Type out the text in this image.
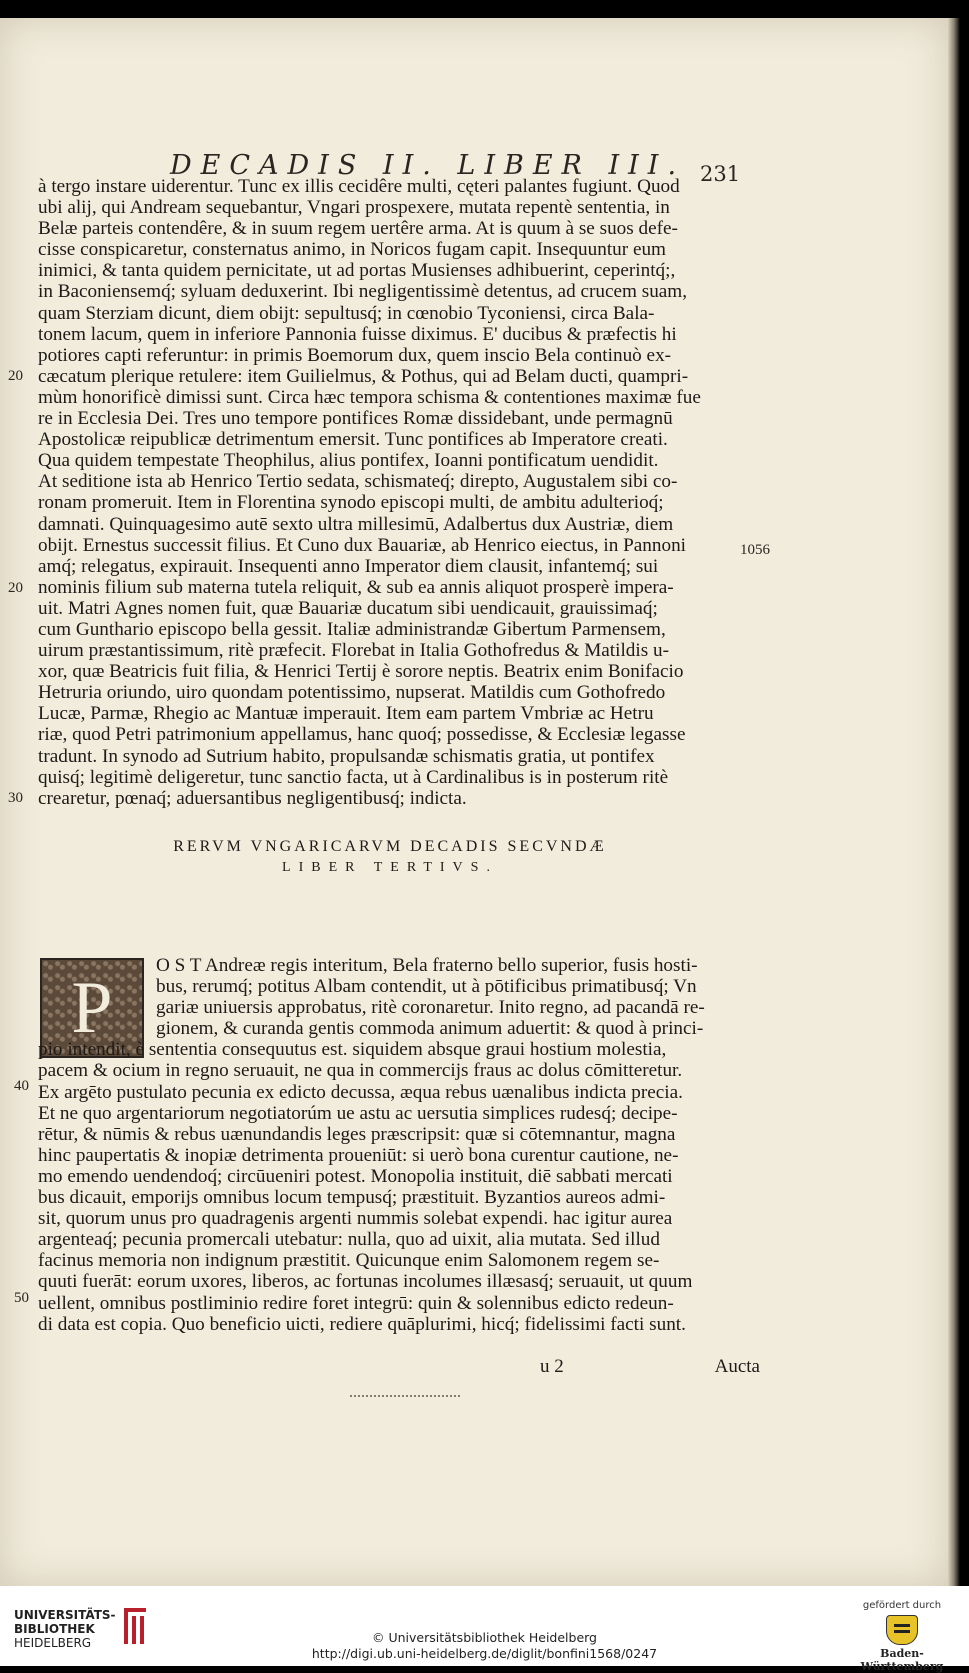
DECADIS II. LIBER III. 231
20
1056
20
30
40
50
à tergo instare uiderentur. Tunc ex illis cecidêre multi, cęteri palantes fugiunt. Quod
ubi alij, qui Andream sequebantur, Vngari prospexere, mutata repentè sententia, in
Belæ parteis contendêre, & in suum regem uertêre arma. At is quum à se suos defe-
cisse conspicaretur, consternatus animo, in Noricos fugam capit. Insequuntur eum
inimici, & tanta quidem pernicitate, ut ad portas Musienses adhibuerint, ceperintq́;,
in Baconiensemq́; syluam deduxerint. Ibi negligentissimè detentus, ad crucem suam,
quam Sterziam dicunt, diem obijt: sepultusq́; in cœnobio Tyconiensi, circa Bala-
tonem lacum, quem in inferiore Pannonia fuisse diximus. E' ducibus & præfectis hi
potiores capti referuntur: in primis Boemorum dux, quem inscio Bela continuò ex-
cæcatum plerique retulere: item Guilielmus, & Pothus, qui ad Belam ducti, quampri-
mùm honorificè dimissi sunt. Circa hæc tempora schisma & contentiones maximæ fue
re in Ecclesia Dei. Tres uno tempore pontifices Romæ dissidebant, unde permagnū
Apostolicæ reipublicæ detrimentum emersit. Tunc pontifices ab Imperatore creati.
Qua quidem tempestate Theophilus, alius pontifex, Ioanni pontificatum uendidit.
At seditione ista ab Henrico Tertio sedata, schismateq́; direpto, Augustalem sibi co-
ronam promeruit. Item in Florentina synodo episcopi multi, de ambitu adulterioq́;
damnati. Quinquagesimo autē sexto ultra millesimū, Adalbertus dux Austriæ, diem
obijt. Ernestus successit filius. Et Cuno dux Bauariæ, ab Henrico eiectus, in Pannoni
amq́; relegatus, expirauit. Insequenti anno Imperator diem clausit, infantemq́; sui
nominis filium sub materna tutela reliquit, & sub ea annis aliquot prosperè impera-
uit. Matri Agnes nomen fuit, quæ Bauariæ ducatum sibi uendicauit, grauissimaq́;
cum Gunthario episcopo bella gessit. Italiæ administrandæ Gibertum Parmensem,
uirum præstantissimum, ritè præfecit. Florebat in Italia Gothofredus & Matildis u-
xor, quæ Beatricis fuit filia, & Henrici Tertij è sorore neptis. Beatrix enim Bonifacio
Hetruria oriundo, uiro quondam potentissimo, nupserat. Matildis cum Gothofredo
Lucæ, Parmæ, Rhegio ac Mantuæ imperauit. Item eam partem Vmbriæ ac Hetru
riæ, quod Petri patrimonium appellamus, hanc quoq́; possedisse, & Ecclesiæ legasse
tradunt. In synodo ad Sutrium habito, propulsandæ schismatis gratia, ut pontifex
quisq́; legitimè deligeretur, tunc sanctio facta, ut à Cardinalibus is in posterum ritè
crearetur, pœnaq́; aduersantibus negligentibusq́; indicta.
RERVM VNGARICARVM DECADIS SECVNDÆ
LIBER TERTIVS.
P
O S T Andreæ regis interitum, Bela fraterno bello superior, fusis hosti-
bus, rerumq́; potitus Albam contendit, ut à pōtificibus primatibusq́; Vn
gariæ uniuersis approbatus, ritè coronaretur. Inito regno, ad pacandā re-
gionem, & curanda gentis commoda animum aduertit: & quod à princi-
pio intendit, è sententia consequutus est. siquidem absque graui hostium molestia,
pacem & ocium in regno seruauit, ne qua in commercijs fraus ac dolus cōmitteretur.
Ex argēto pustulato pecunia ex edicto decussa, æqua rebus uænalibus indicta precia.
Et ne quo argentariorum negotiatorúm ue astu ac uersutia simplices rudesq́; decipe-
rētur, & nūmis & rebus uænundandis leges præscripsit: quæ si cōtemnantur, magna
hinc paupertatis & inopiæ detrimenta proueniūt: si uerò bona curentur cautione, ne-
mo emendo uendendoq́; circūueniri potest. Monopolia instituit, diē sabbati mercati
bus dicauit, emporijs omnibus locum tempusq́; præstituit. Byzantios aureos admi-
sit, quorum unus pro quadragenis argenti nummis solebat expendi. hac igitur aurea
argenteaq́; pecunia promercali utebatur: nulla, quo ad uixit, alia mutata. Sed illud
facinus memoria non indignum præstitit. Quicunque enim Salomonem regem se-
quuti fuerāt: eorum uxores, liberos, ac fortunas incolumes illæsasq́; seruauit, ut quum
uellent, omnibus postliminio redire foret integrū: quin & solennibus edicto redeun-
di data est copia. Quo beneficio uicti, rediere quāplurimi, hicq́; fidelissimi facti sunt.
u 2	Aucta
UNIVERSITÄTS-
BIBLIOTHEK
HEIDELBERG	© Universitätsbibliothek Heidelberg
http://digi.ub.uni-heidelberg.de/diglit/bonfini1568/0247
gefördert durch
Baden-Württemberg
